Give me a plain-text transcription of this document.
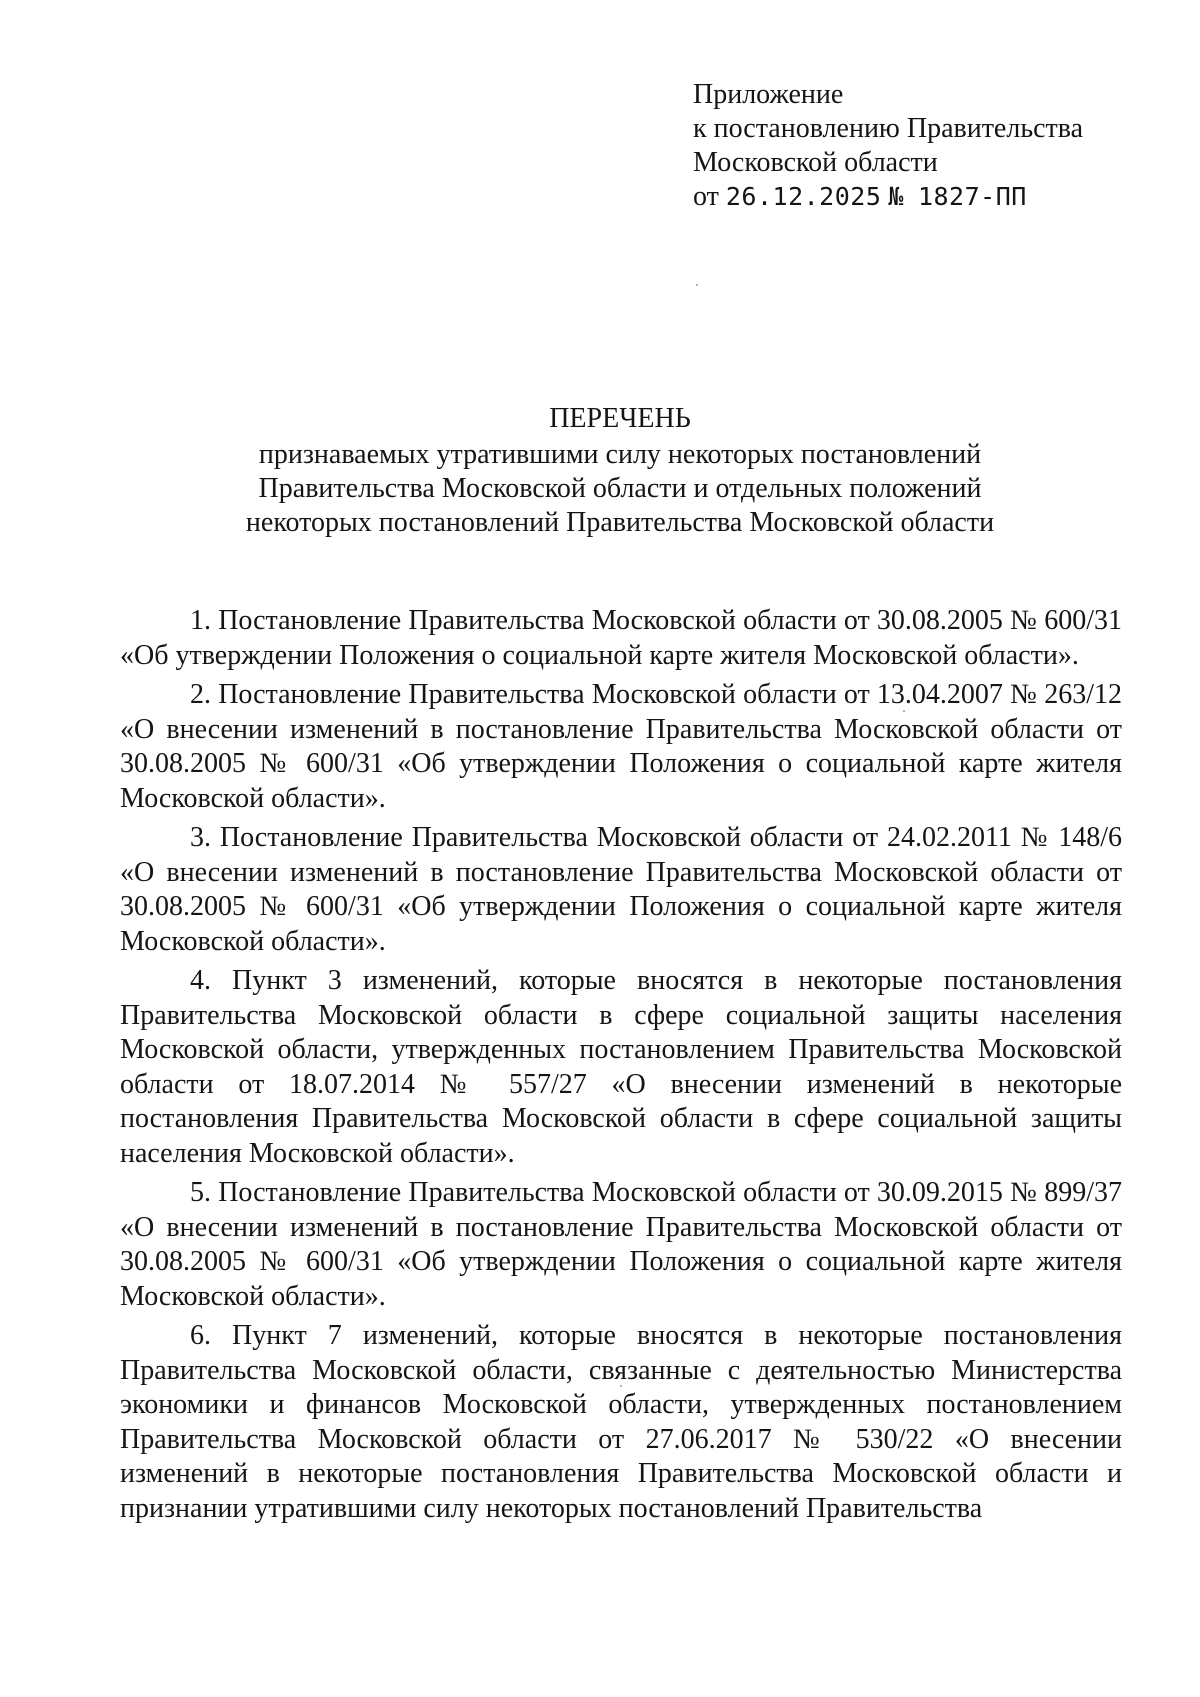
Приложение
к постановлению Правительства
Московской области
от 26.12.2025 № 1827-ПП
ПЕРЕЧЕНЬ
признаваемых утратившими силу некоторых постановлений
Правительства Московской области и отдельных положений
некоторых постановлений Правительства Московской области

1. Постановление Правительства Московской области от 30.08.2005 № 600/31 «Об утверждении Положения о социальной карте жителя Московской области».

2. Постановление Правительства Московской области от 13.04.2007 № 263/12 «О внесении изменений в постановление Правительства Московской области от 30.08.2005 № 600/31 «Об утверждении Положения о социальной карте жителя Московской области».

3. Постановление Правительства Московской области от 24.02.2011 № 148/6 «О внесении изменений в постановление Правительства Московской области от 30.08.2005 № 600/31 «Об утверждении Положения о социальной карте жителя Московской области».

4. Пункт 3 изменений, которые вносятся в некоторые постановления Правительства Московской области в сфере социальной защиты населения Московской области, утвержденных постановлением Правительства Московской области от 18.07.2014 № 557/27 «О внесении изменений в некоторые постановления Правительства Московской области в сфере социальной защиты населения Московской области».

5. Постановление Правительства Московской области от 30.09.2015 № 899/37 «О внесении изменений в постановление Правительства Московской области от 30.08.2005 № 600/31 «Об утверждении Положения о социальной карте жителя Московской области».

6. Пункт 7 изменений, которые вносятся в некоторые постановления Правительства Московской области, связанные с деятельностью Министерства экономики и финансов Московской области, утвержденных постановлением Правительства Московской области от 27.06.2017 № 530/22 «О внесении изменений в некоторые постановления Правительства Московской области и признании утратившими силу некоторых постановлений Правительства
